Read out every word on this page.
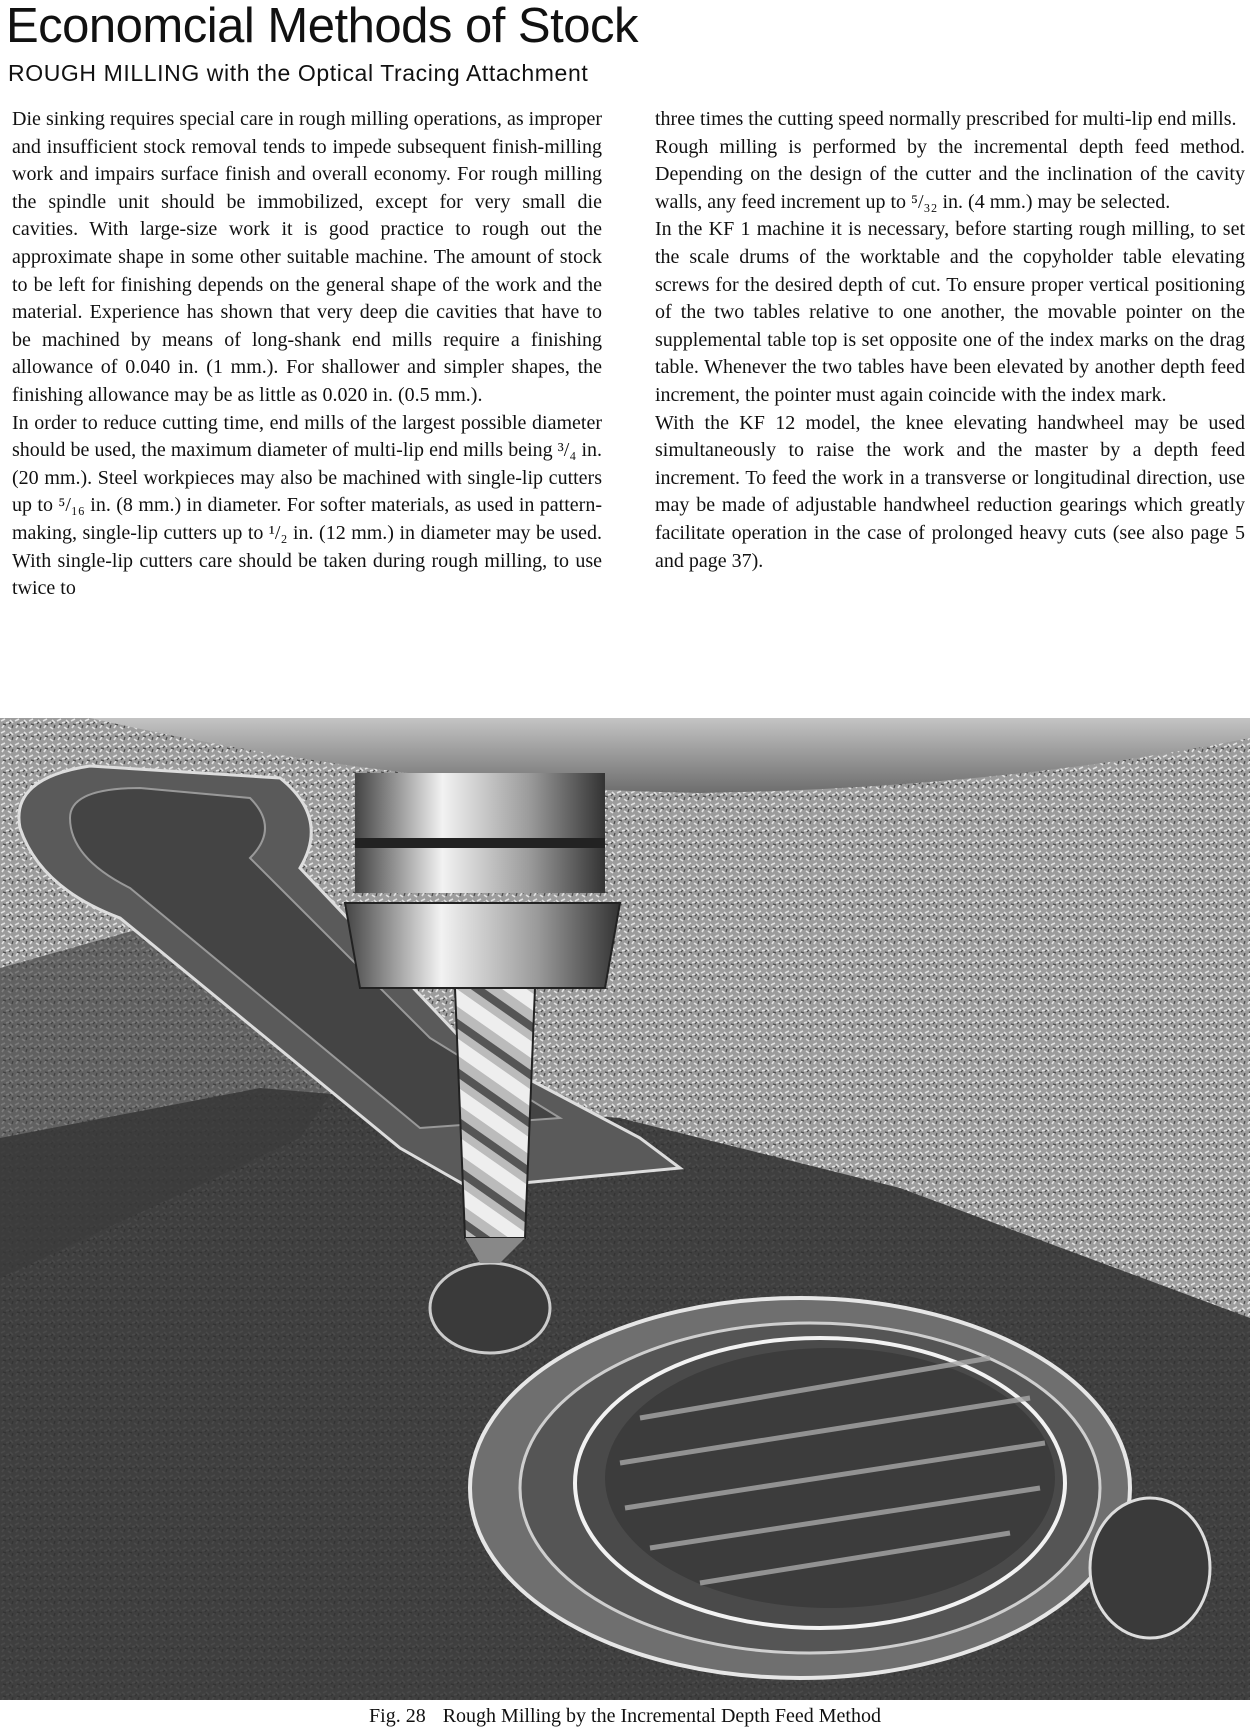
Economcial Methods of Stock
ROUGH MILLING with the Optical Tracing Attachment

Die sinking requires special care in rough milling operations, as improper and insufficient stock removal tends to impede subsequent finish-milling work and impairs surface finish and overall economy. For rough milling the spindle unit should be immobilized, except for very small die cavities. With large-size work it is good practice to rough out the approximate shape in some other suitable machine. The amount of stock to be left for finishing depends on the general shape of the work and the material. Experience has shown that very deep die cavities that have to be machined by means of long-shank end mills require a finishing allowance of 0.040 in. (1 mm.). For shallower and simpler shapes, the finishing allowance may be as little as 0.020 in. (0.5 mm.).

In order to reduce cutting time, end mills of the largest possible diameter should be used, the maximum diameter of multi-lip end mills being ³/₄ in. (20 mm.). Steel workpieces may also be machined with single-lip cutters up to ⁵/₁₆ in. (8 mm.) in diameter. For softer materials, as used in pattern-making, single-lip cutters up to ¹/₂ in. (12 mm.) in diameter may be used. With single-lip cutters care should be taken during rough milling, to use twice to

three times the cutting speed normally prescribed for multi-lip end mills.

Rough milling is performed by the incremental depth feed method. Depending on the design of the cutter and the inclination of the cavity walls, any feed increment up to ⁵/₃₂ in. (4 mm.) may be selected.

In the KF 1 machine it is necessary, before starting rough milling, to set the scale drums of the worktable and the copyholder table elevating screws for the desired depth of cut. To ensure proper vertical positioning of the two tables relative to one another, the movable pointer on the supplemental table top is set opposite one of the index marks on the drag table. Whenever the two tables have been elevated by another depth feed increment, the pointer must again coincide with the index mark.

With the KF 12 model, the knee elevating handwheel may be used simultaneously to raise the work and the master by a depth feed increment. To feed the work in a transverse or longitudinal direction, use may be made of adjustable handwheel reduction gearings which greatly facilitate operation in the case of prolonged heavy cuts (see also page 5 and page 37).

Fig. 28 Rough Milling by the Incremental Depth Feed Method
